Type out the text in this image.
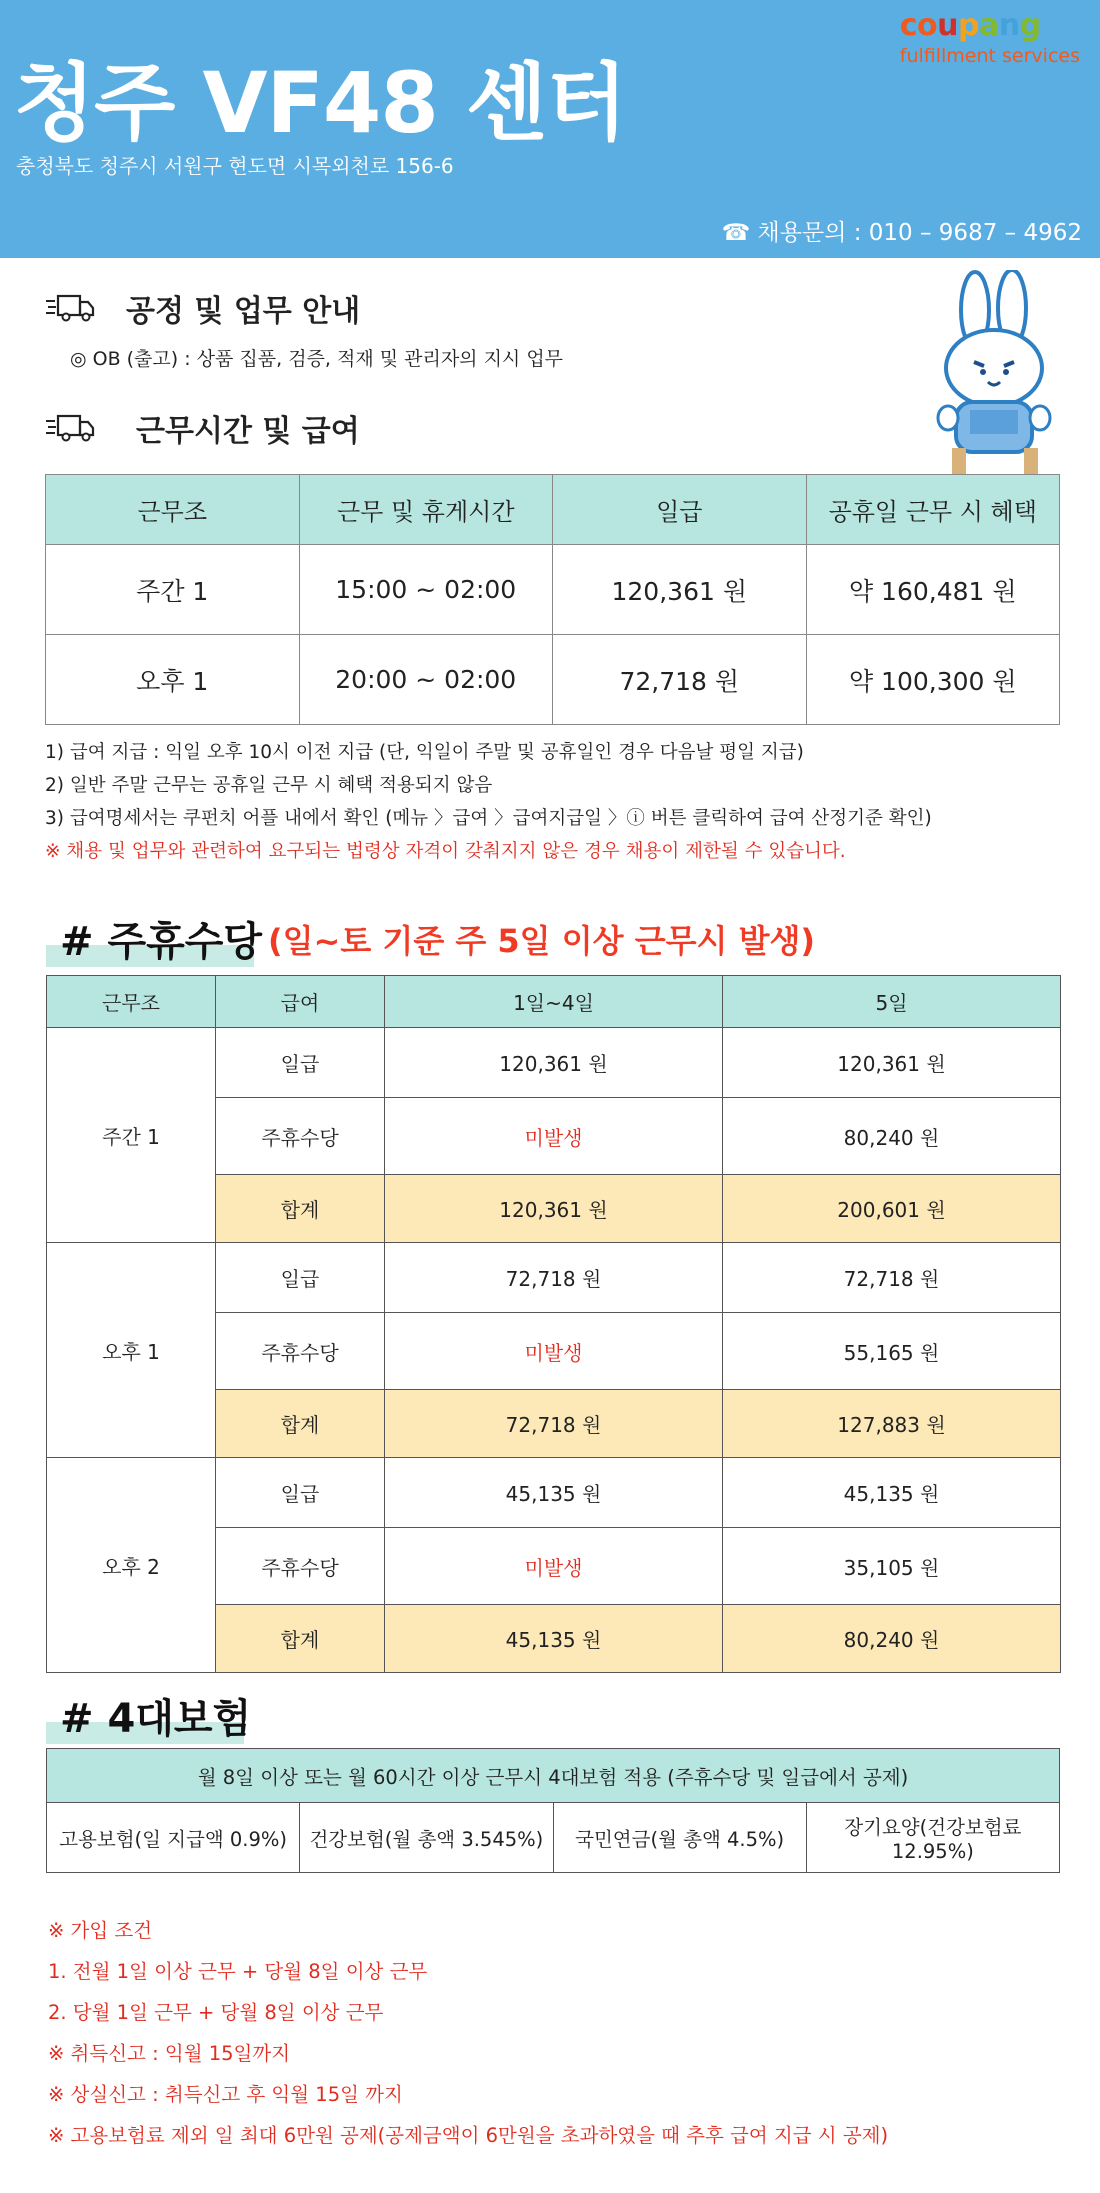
청주 VF48 센터
충청북도 청주시 서원구 현도면 시목외천로 156-6
☎ 채용문의 : 010 – 9687 – 4962
coupang
fulfillment services
공정 및 업무 안내
◎ OB (출고) : 상품 집품, 검증, 적재 및 관리자의 지시 업무
근무시간 및 급여
근무조	근무 및 휴게시간	일급	공휴일 근무 시 혜택
주간 1	15:00 ~ 02:00	120,361 원	약 160,481 원
오후 1	20:00 ~ 02:00	72,718 원	약 100,300 원
1) 급여 지급 : 익일 오후 10시 이전 지급 (단, 익일이 주말 및 공휴일인 경우 다음날 평일 지급)
2) 일반 주말 근무는 공휴일 근무 시 혜택 적용되지 않음
3) 급여명세서는 쿠펀치 어플 내에서 확인 (메뉴 〉급여 〉급여지급일 〉ⓘ 버튼 클릭하여 급여 산정기준 확인)
※ 채용 및 업무와 관련하여 요구되는 법령상 자격이 갖춰지지 않은 경우 채용이 제한될 수 있습니다.
# 주휴수당 (일~토 기준 주 5일 이상 근무시 발생)
근무조	급여	1일~4일	5일
주간 1	일급	120,361 원	120,361 원
	주휴수당	미발생	80,240 원
	합계	120,361 원	200,601 원
오후 1	일급	72,718 원	72,718 원
	주휴수당	미발생	55,165 원
	합계	72,718 원	127,883 원
오후 2	일급	45,135 원	45,135 원
	주휴수당	미발생	35,105 원
	합계	45,135 원	80,240 원
# 4대보험
월 8일 이상 또는 월 60시간 이상 근무시 4대보험 적용 (주휴수당 및 일급에서 공제)
고용보험(일 지급액 0.9%)	건강보험(월 총액 3.545%)	국민연금(월 총액 4.5%)	장기요양(건강보험료 12.95%)
※ 가입 조건
1. 전월 1일 이상 근무 + 당월 8일 이상 근무
2. 당월 1일 근무 + 당월 8일 이상 근무
※ 취득신고 : 익월 15일까지
※ 상실신고 : 취득신고 후 익월 15일 까지
※ 고용보험료 제외 일 최대 6만원 공제(공제금액이 6만원을 초과하였을 때 추후 급여 지급 시 공제)
